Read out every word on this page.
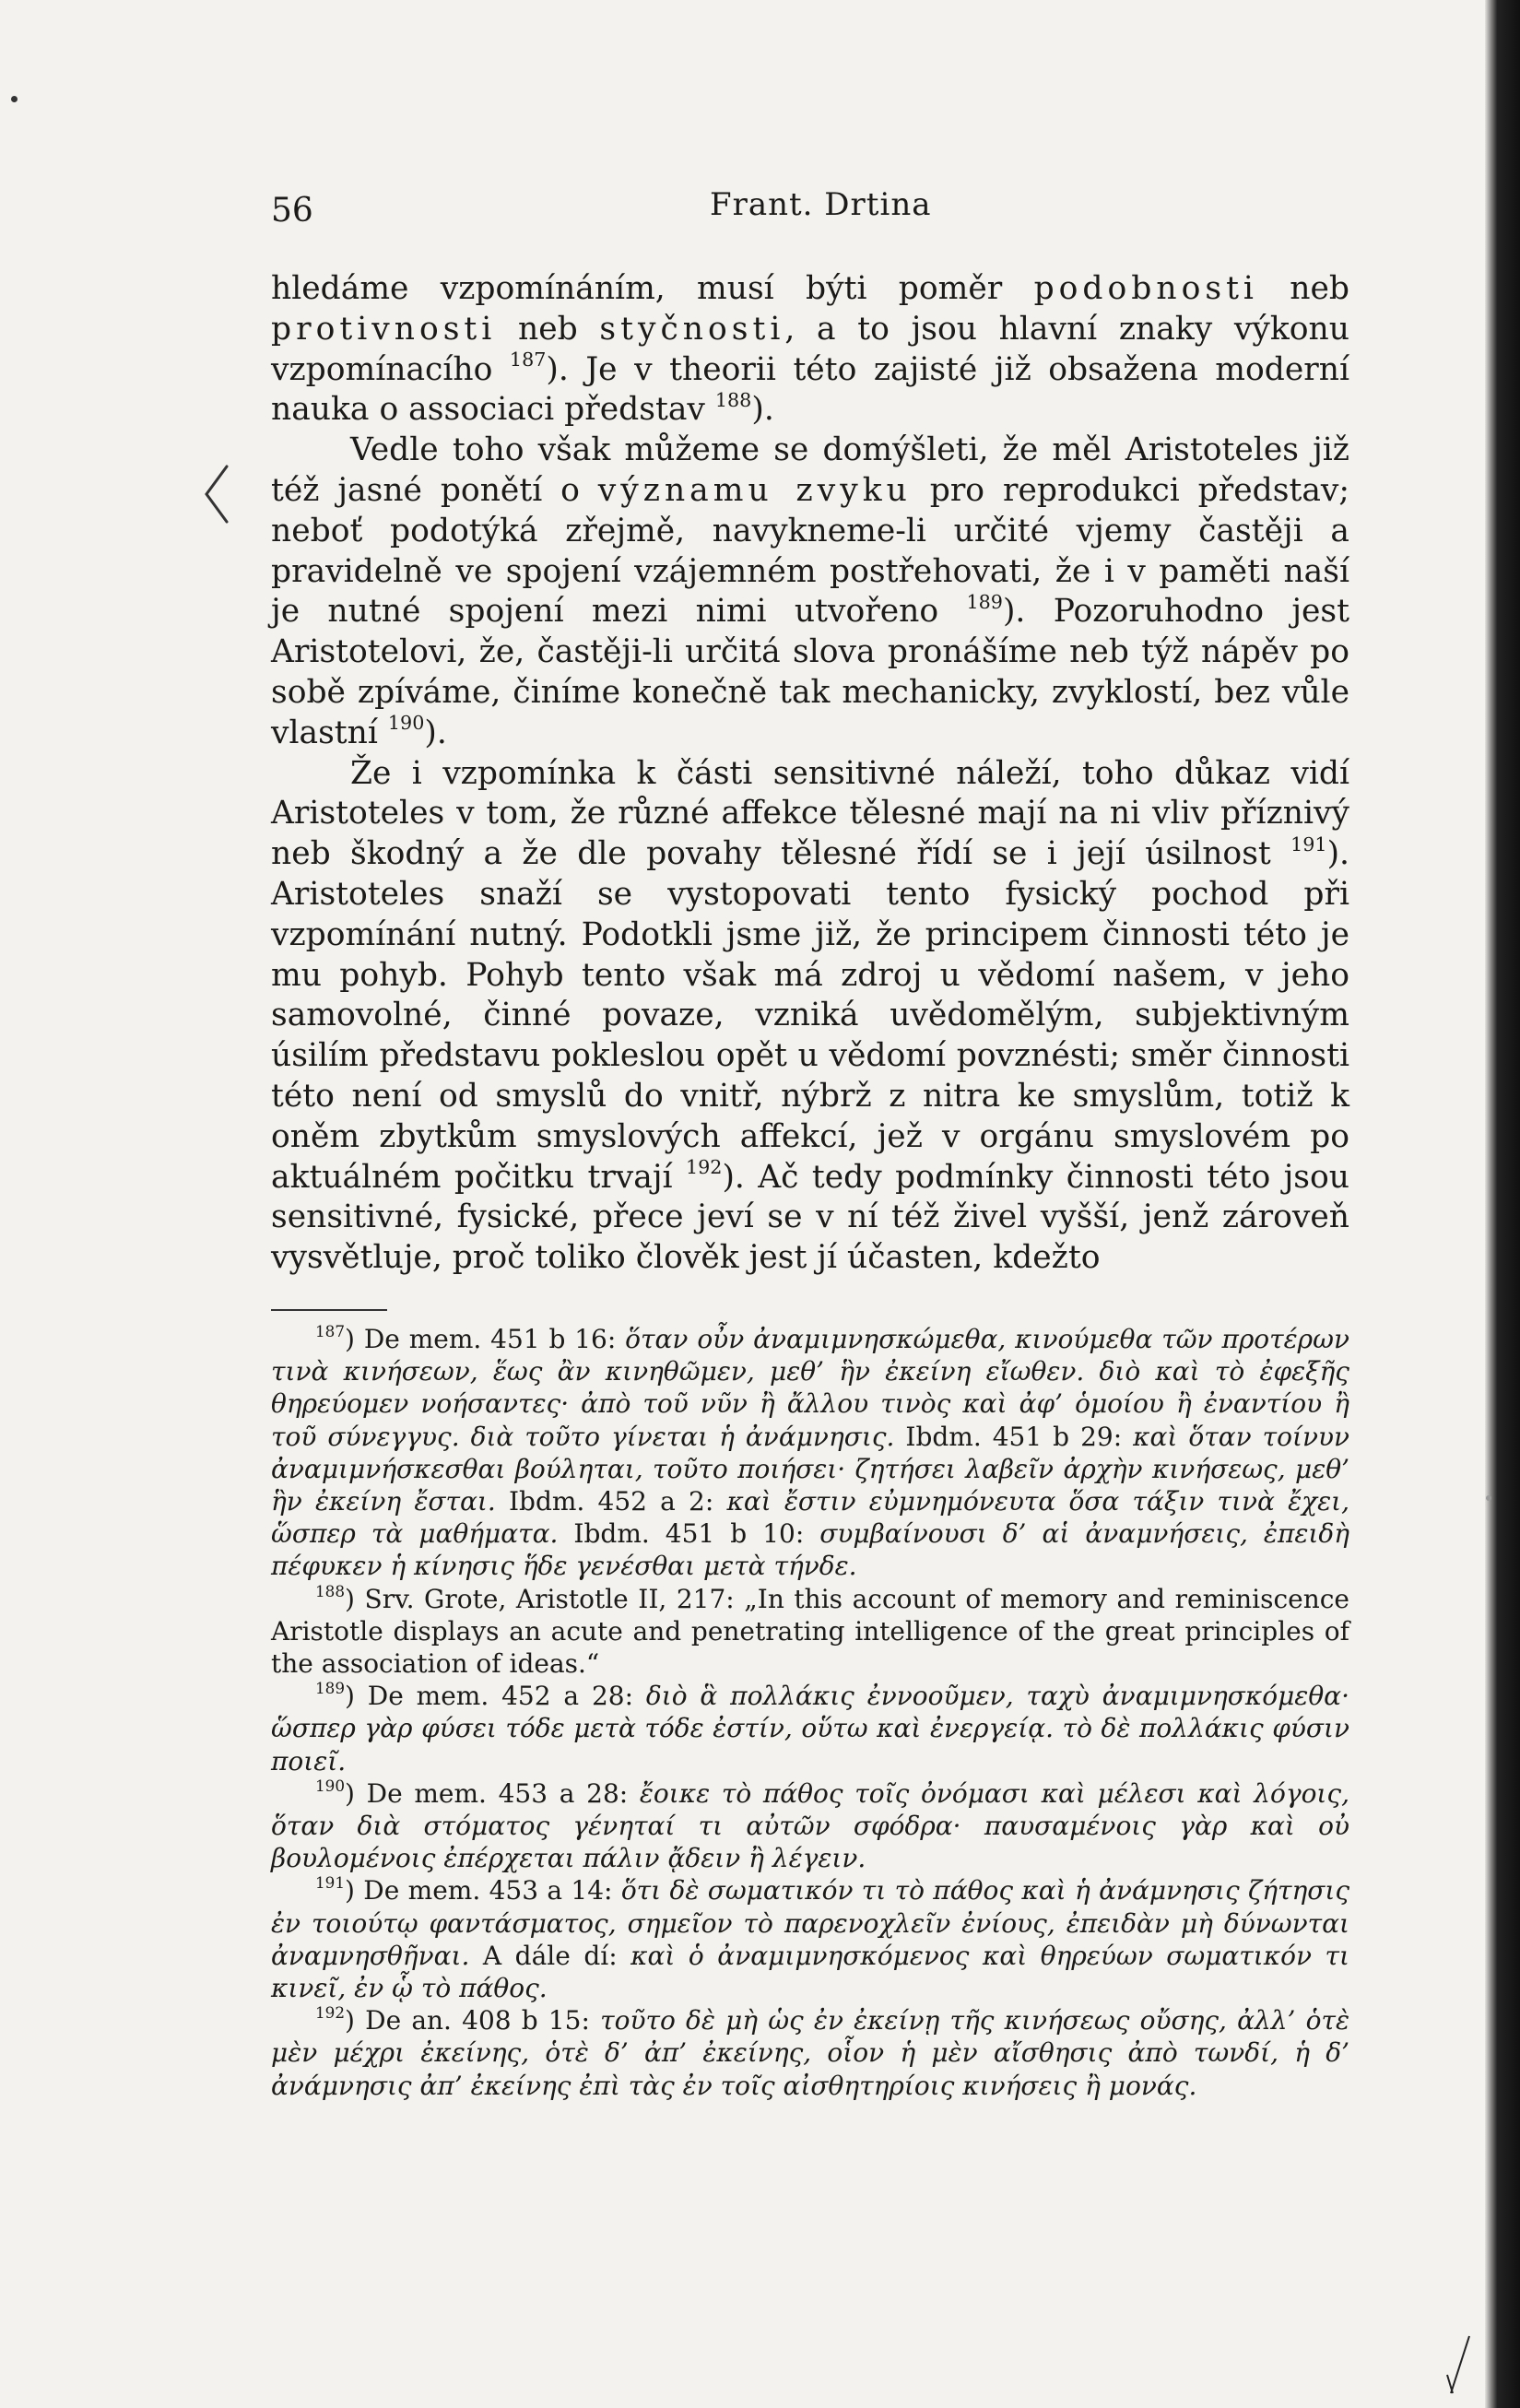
56	Frant. Drtina

hledáme vzpomínáním, musí býti poměr podobnosti neb protivnosti neb styčnosti, a to jsou hlavní znaky výkonu vzpomínacího $^{187}$). Je v theorii této zajisté již obsažena moderní nauka o associaci představ $^{188}$).

Vedle toho však můžeme se domýšleti, že měl Aristoteles již též jasné ponětí o významu zvyku pro reprodukci představ; neboť podotýká zřejmě, navykneme-li určité vjemy častěji a pravidelně ve spojení vzájemném postřehovati, že i v paměti naší je nutné spojení mezi nimi utvořeno $^{189}$). Pozoruhodno jest Aristotelovi, že, častěji-li určitá slova pronášíme neb týž nápěv po sobě zpíváme, činíme konečně tak mechanicky, zvyklostí, bez vůle vlastní $^{190}$).

Že i vzpomínka k části sensitivné náleží, toho důkaz vidí Aristoteles v tom, že různé affekce tělesné mají na ni vliv příznivý neb škodný a že dle povahy tělesné řídí se i její úsilnost $^{191}$). Aristoteles snaží se vystopovati tento fysický pochod při vzpomínání nutný. Podotkli jsme již, že principem činnosti této je mu pohyb. Pohyb tento však má zdroj u vědomí našem, v jeho samovolné, činné povaze, vzniká uvědomělým, subjektivným úsilím představu pokleslou opět u vědomí povznésti; směr činnosti této není od smyslů do vnitř, nýbrž z nitra ke smyslům, totiž k oněm zbytkům smyslových affekcí, jež v orgánu smyslovém po aktuálném počitku trvají $^{192}$). Ač tedy podmínky činnosti této jsou sensitivné, fysické, přece jeví se v ní též živel vyšší, jenž zároveň vysvětluje, proč toliko člověk jest jí účasten, kdežto

$^{187}$) De mem. 451 b 16: ὅταν οὖν ἀναμιμνησκώμεθα, κινούμεθα τῶν προτέρων τινὰ κινήσεων, ἕως ἂν κινηθῶμεν, μεθ’ ἣν ἐκείνη εἴωθεν. διὸ καὶ τὸ ἐφεξῆς θηρεύομεν νοήσαντες· ἀπὸ τοῦ νῦν ἢ ἄλλου τινὸς καὶ ἀφ’ ὁμοίου ἢ ἐναντίου ἢ τοῦ σύνεγγυς. διὰ τοῦτο γίνεται ἡ ἀνάμνησις. Ibdm. 451 b 29: καὶ ὅταν τοίνυν ἀναμιμνήσκεσθαι βούληται, τοῦτο ποιήσει· ζητήσει λαβεῖν ἀρχὴν κινήσεως, μεθ’ ἣν ἐκείνη ἔσται. Ibdm. 452 a 2: καὶ ἔστιν εὐμνημόνευτα ὅσα τάξιν τινὰ ἔχει, ὥσπερ τὰ μαθήματα. Ibdm. 451 b 10: συμβαίνουσι δ’ αἱ ἀναμνήσεις, ἐπειδὴ πέφυκεν ἡ κίνησις ἥδε γενέσθαι μετὰ τήνδε.

$^{188}$) Srv. Grote, Aristotle II, 217: „In this account of memory and reminiscence Aristotle displays an acute and penetrating intelligence of the great principles of the association of ideas.“

$^{189}$) De mem. 452 a 28: διὸ ἃ πολλάκις ἐννοοῦμεν, ταχὺ ἀναμιμνησκόμεθα· ὥσπερ γὰρ φύσει τόδε μετὰ τόδε ἐστίν, οὕτω καὶ ἐνεργείᾳ. τὸ δὲ πολλάκις φύσιν ποιεῖ.

$^{190}$) De mem. 453 a 28: ἔοικε τὸ πάθος τοῖς ὀνόμασι καὶ μέλεσι καὶ λόγοις, ὅταν διὰ στόματος γένηταί τι αὐτῶν σφόδρα· παυσαμένοις γὰρ καὶ οὐ βουλομένοις ἐπέρχεται πάλιν ᾄδειν ἢ λέγειν.

$^{191}$) De mem. 453 a 14: ὅτι δὲ σωματικόν τι τὸ πάθος καὶ ἡ ἀνάμνησις ζήτησις ἐν τοιούτῳ φαντάσματος, σημεῖον τὸ παρενοχλεῖν ἐνίους, ἐπειδὰν μὴ δύνωνται ἀναμνησθῆναι. A dále dí: καὶ ὁ ἀναμιμνησκόμενος καὶ θηρεύων σωματικόν τι κινεῖ, ἐν ᾧ τὸ πάθος.

$^{192}$) De an. 408 b 15: τοῦτο δὲ μὴ ὡς ἐν ἐκείνῃ τῆς κινήσεως οὔσης, ἀλλ’ ὁτὲ μὲν μέχρι ἐκείνης, ὁτὲ δ’ ἀπ’ ἐκείνης, οἷον ἡ μὲν αἴσθησις ἀπὸ τωνδί, ἡ δ’ ἀνάμνησις ἀπ’ ἐκείνης ἐπὶ τὰς ἐν τοῖς αἰσθητηρίοις κινήσεις ἢ μονάς.
